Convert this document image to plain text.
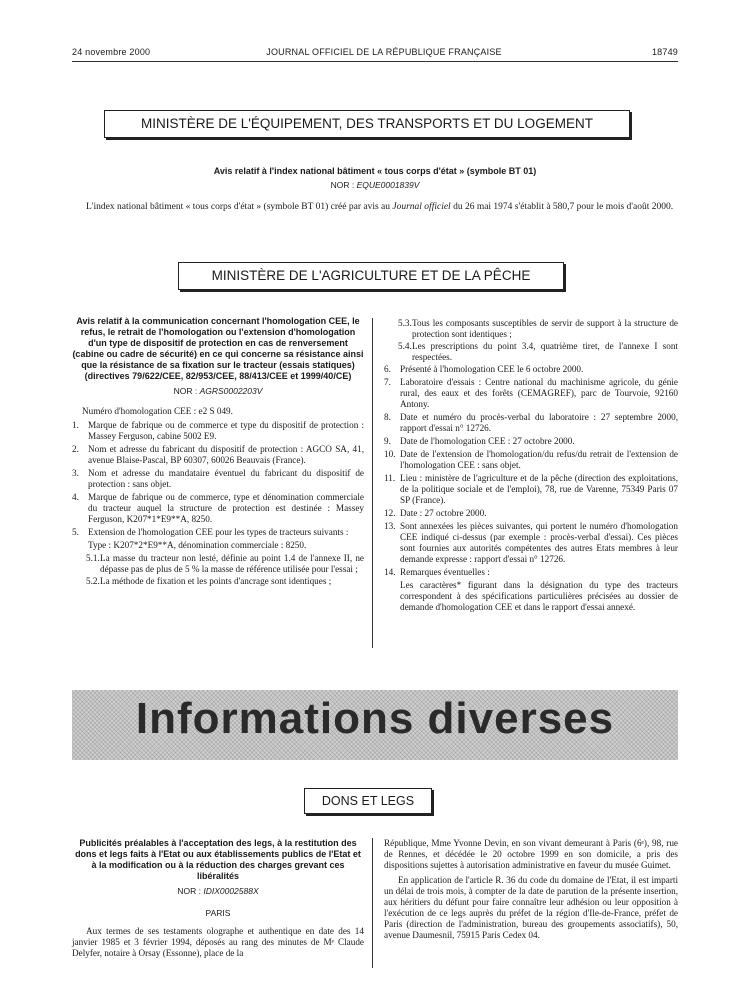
24 novembre 2000	JOURNAL OFFICIEL DE LA RÉPUBLIQUE FRANÇAISE	18749
MINISTÈRE DE L'ÉQUIPEMENT, DES TRANSPORTS ET DU LOGEMENT
Avis relatif à l'index national bâtiment « tous corps d'état » (symbole BT 01)
NOR : EQUE0001839V
L'index national bâtiment « tous corps d'état » (symbole BT 01) créé par avis au Journal officiel du 26 mai 1974 s'établit à 580,7 pour le mois d'août 2000.
MINISTÈRE DE L'AGRICULTURE ET DE LA PÊCHE
Avis relatif à la communication concernant l'homologation CEE, le refus, le retrait de l'homologation ou l'extension d'homologation d'un type de dispositif de protection en cas de renversement (cabine ou cadre de sécurité) en ce qui concerne sa résistance ainsi que la résistance de sa fixation sur le tracteur (essais statiques) (directives 79/622/CEE, 82/953/CEE, 88/413/CEE et 1999/40/CE)
NOR : AGRS0002203V

Numéro d'homologation CEE : e2 S 049.

1. Marque de fabrique ou de commerce et type du dispositif de protection : Massey Ferguson, cabine 5002 E9.
2. Nom et adresse du fabricant du dispositif de protection : AGCO SA, 41, avenue Blaise-Pascal, BP 60307, 60026 Beauvais (France).
3. Nom et adresse du mandataire éventuel du fabricant du dispositif de protection : sans objet.
4. Marque de fabrique ou de commerce, type et dénomination commerciale du tracteur auquel la structure de protection est destinée : Massey Ferguson, K207*1*E9**A, 8250.
5. Extension de l'homologation CEE pour les types de tracteurs suivants :

Type : K207*2*E9**A, dénomination commerciale : 8250.

5.1. La masse du tracteur non lesté, définie au point 1.4 de l'annexe II, ne dépasse pas de plus de 5 % la masse de référence utilisée pour l'essai ;
5.2. La méthode de fixation et les points d'ancrage sont identiques ;
5.3. Tous les composants susceptibles de servir de support à la structure de protection sont identiques ;
5.4. Les prescriptions du point 3.4, quatrième tiret, de l'annexe I sont respectées.
6. Présenté à l'homologation CEE le 6 octobre 2000.
7. Laboratoire d'essais : Centre national du machinisme agricole, du génie rural, des eaux et des forêts (CEMAGREF), parc de Tourvoie, 92160 Antony.
8. Date et numéro du procès-verbal du laboratoire : 27 septembre 2000, rapport d'essai n° 12726.
9. Date de l'homologation CEE : 27 octobre 2000.
10. Date de l'extension de l'homologation/du refus/du retrait de l'extension de l'homologation CEE : sans objet.
11. Lieu : ministère de l'agriculture et de la pêche (direction des exploitations, de la politique sociale et de l'emploi), 78, rue de Varenne, 75349 Paris 07 SP (France).
12. Date : 27 octobre 2000.
13. Sont annexées les pièces suivantes, qui portent le numéro d'homologation CEE indiqué ci-dessus (par exemple : procès-verbal d'essai). Ces pièces sont fournies aux autorités compétentes des autres Etats membres à leur demande expresse : rapport d'essai n° 12726.
14. Remarques éventuelles :

Les caractères* figurant dans la désignation du type des tracteurs correspondent à des spécifications particulières précisées au dossier de demande d'homologation CEE et dans le rapport d'essai annexé.

Informations diverses
DONS ET LEGS
Publicités préalables à l'acceptation des legs, à la restitution des dons et legs faits à l'Etat ou aux établissements publics de l'Etat et à la modification ou à la réduction des charges grevant ces libéralités
NOR : IDIX0002588X
PARIS

Aux termes de ses testaments olographe et authentique en date des 14 janvier 1985 et 3 février 1994, déposés au rang des minutes de Mᵉ Claude Delyfer, notaire à Orsay (Essonne), place de la

République, Mme Yvonne Devin, en son vivant demeurant à Paris (6ᵉ), 98, rue de Rennes, et décédée le 20 octobre 1999 en son domicile, a pris des dispositions sujettes à autorisation administrative en faveur du musée Guimet.

En application de l'article R. 36 du code du domaine de l'Etat, il est imparti un délai de trois mois, à compter de la date de parution de la présente insertion, aux héritiers du défunt pour faire connaître leur adhésion ou leur opposition à l'exécution de ce legs auprès du préfet de la région d'Ile-de-France, préfet de Paris (direction de l'administration, bureau des groupements associatifs), 50, avenue Daumesnil, 75915 Paris Cedex 04.
